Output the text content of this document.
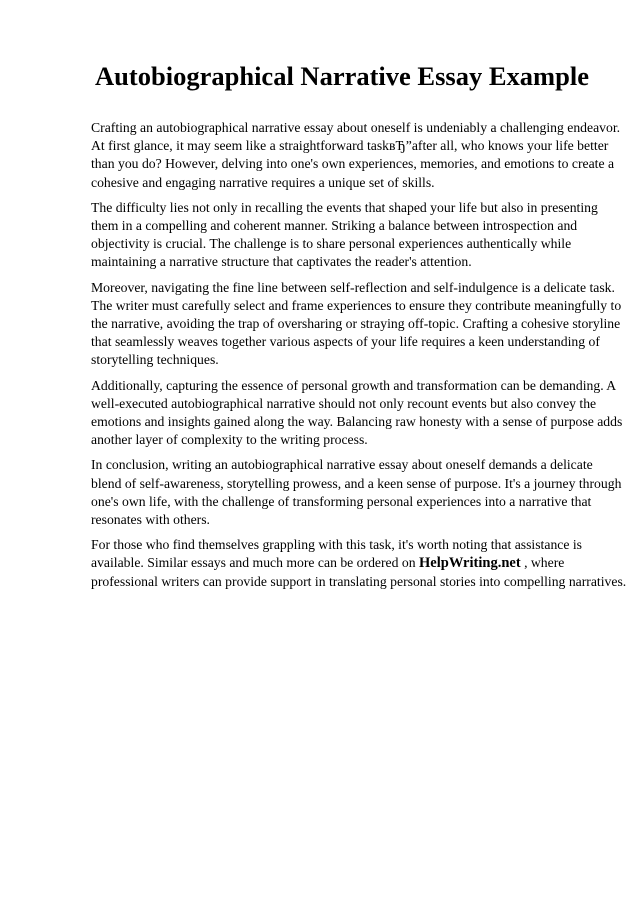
Autobiographical Narrative Essay Example

Crafting an autobiographical narrative essay about oneself is undeniably a challenging endeavor.
At first glance, it may seem like a straightforward taskвЂ”after all, who knows your life better
than you do? However, delving into one's own experiences, memories, and emotions to create a
cohesive and engaging narrative requires a unique set of skills.

The difficulty lies not only in recalling the events that shaped your life but also in presenting
them in a compelling and coherent manner. Striking a balance between introspection and
objectivity is crucial. The challenge is to share personal experiences authentically while
maintaining a narrative structure that captivates the reader's attention.

Moreover, navigating the fine line between self-reflection and self-indulgence is a delicate task.
The writer must carefully select and frame experiences to ensure they contribute meaningfully to
the narrative, avoiding the trap of oversharing or straying off-topic. Crafting a cohesive storyline
that seamlessly weaves together various aspects of your life requires a keen understanding of
storytelling techniques.

Additionally, capturing the essence of personal growth and transformation can be demanding. A
well-executed autobiographical narrative should not only recount events but also convey the
emotions and insights gained along the way. Balancing raw honesty with a sense of purpose adds
another layer of complexity to the writing process.

In conclusion, writing an autobiographical narrative essay about oneself demands a delicate
blend of self-awareness, storytelling prowess, and a keen sense of purpose. It's a journey through
one's own life, with the challenge of transforming personal experiences into a narrative that
resonates with others.

For those who find themselves grappling with this task, it's worth noting that assistance is
available. Similar essays and much more can be ordered on HelpWriting.net , where
professional writers can provide support in translating personal stories into compelling narratives.
